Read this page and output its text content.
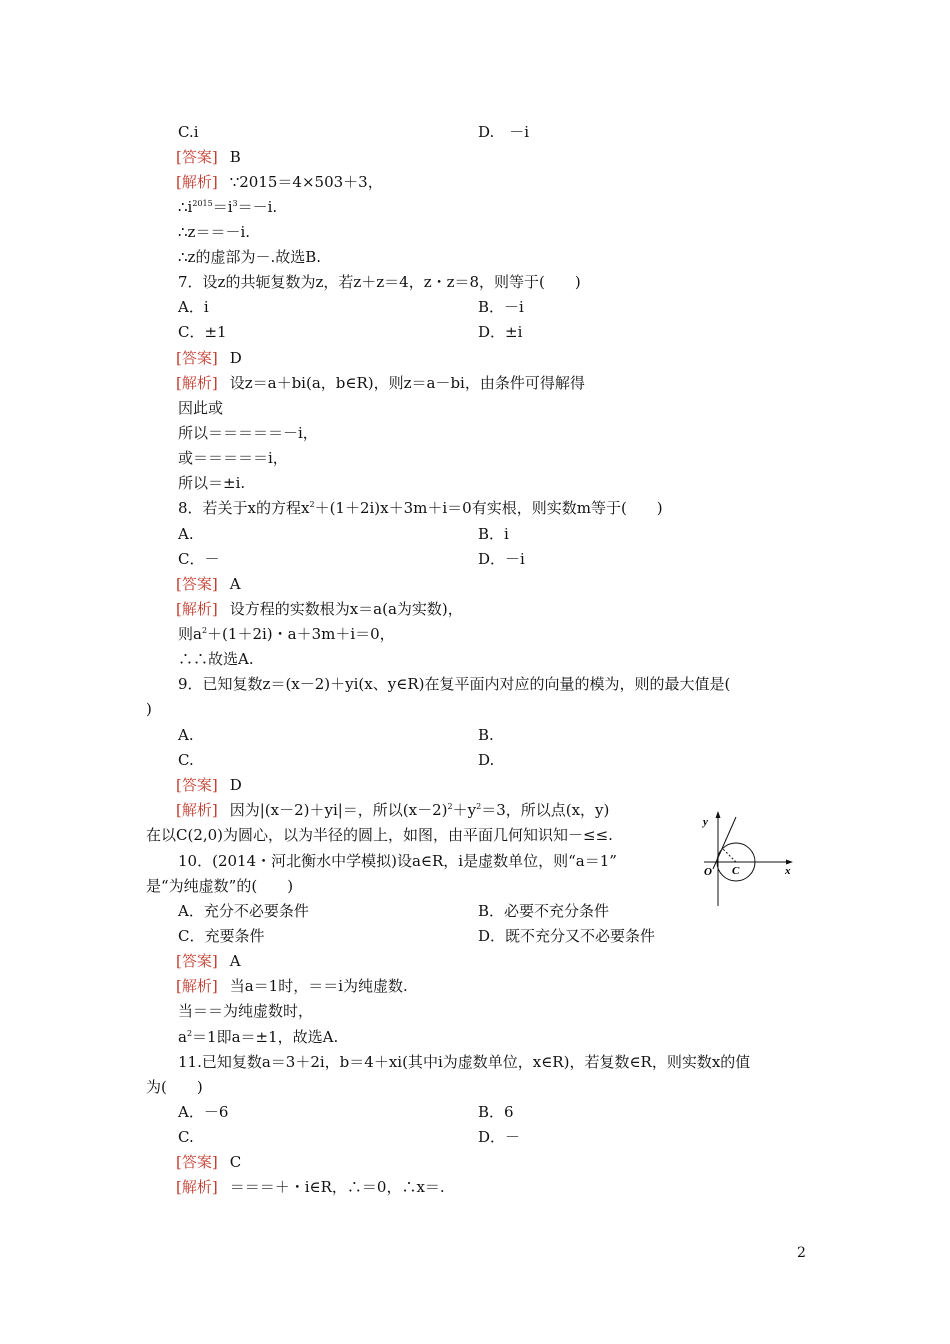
C.i	D.　－i
[答案] B
[解析] ∵2015＝4×503＋3，
$\therefore i^{2015}=i^3=-i$.
∴z＝＝－i.
∴z的虚部为－.故选B.
7．设z的共轭复数为z，若z＋z＝4，z・z＝8，则等于(　　)
A．i	B．－i
C．±1	D．±i
[答案] D
[解析] 设z＝a＋bi(a，b∈R)，则z＝a－bi，由条件可得解得
因此或
所以＝＝＝＝＝－i，
或＝＝＝＝＝i，
所以＝±i.
8．若关于x的方程$x^2+(1+2i)x+3m+i=0$有实根，则实数m等于(　　)
A.	B．i
C．－	D．－i
[答案] A
[解析] 设方程的实数根为x＝a(a为实数)，
则$a^2+(1+2i)$・a＋3m＋i＝0，
∴∴故选A.
9．已知复数z＝(x－2)＋yi(x、y∈R)在复平面内对应的向量的模为，则的最大值是(
)
A.	B.
C.	D.
[答案] D
[解析] 因为|(x－2)＋yi|＝，所以$(x-2)^2+y^2=3$，所以点(x，y)
在以C(2,0)为圆心，以为半径的圆上，如图，由平面几何知识知－≤≤.
y
x
O C
10．(2014・河北衡水中学模拟)设a∈R，i是虚数单位，则“a＝1”
是“为纯虚数”的(　　)
A．充分不必要条件	B．必要不充分条件
C．充要条件	D．既不充分又不必要条件
[答案] A
[解析] 当a＝1时，＝＝i为纯虚数.
当＝＝为纯虚数时，
$a^2=1$即a＝±1，故选A.
11.已知复数a＝3＋2i，b＝4＋xi(其中i为虚数单位，x∈R)，若复数∈R，则实数x的值
为(　　)
A．－6	B．6
C.	D．－
[答案] C
[解析] ＝＝＝＋・i∈R，∴＝0，∴x＝.
2
